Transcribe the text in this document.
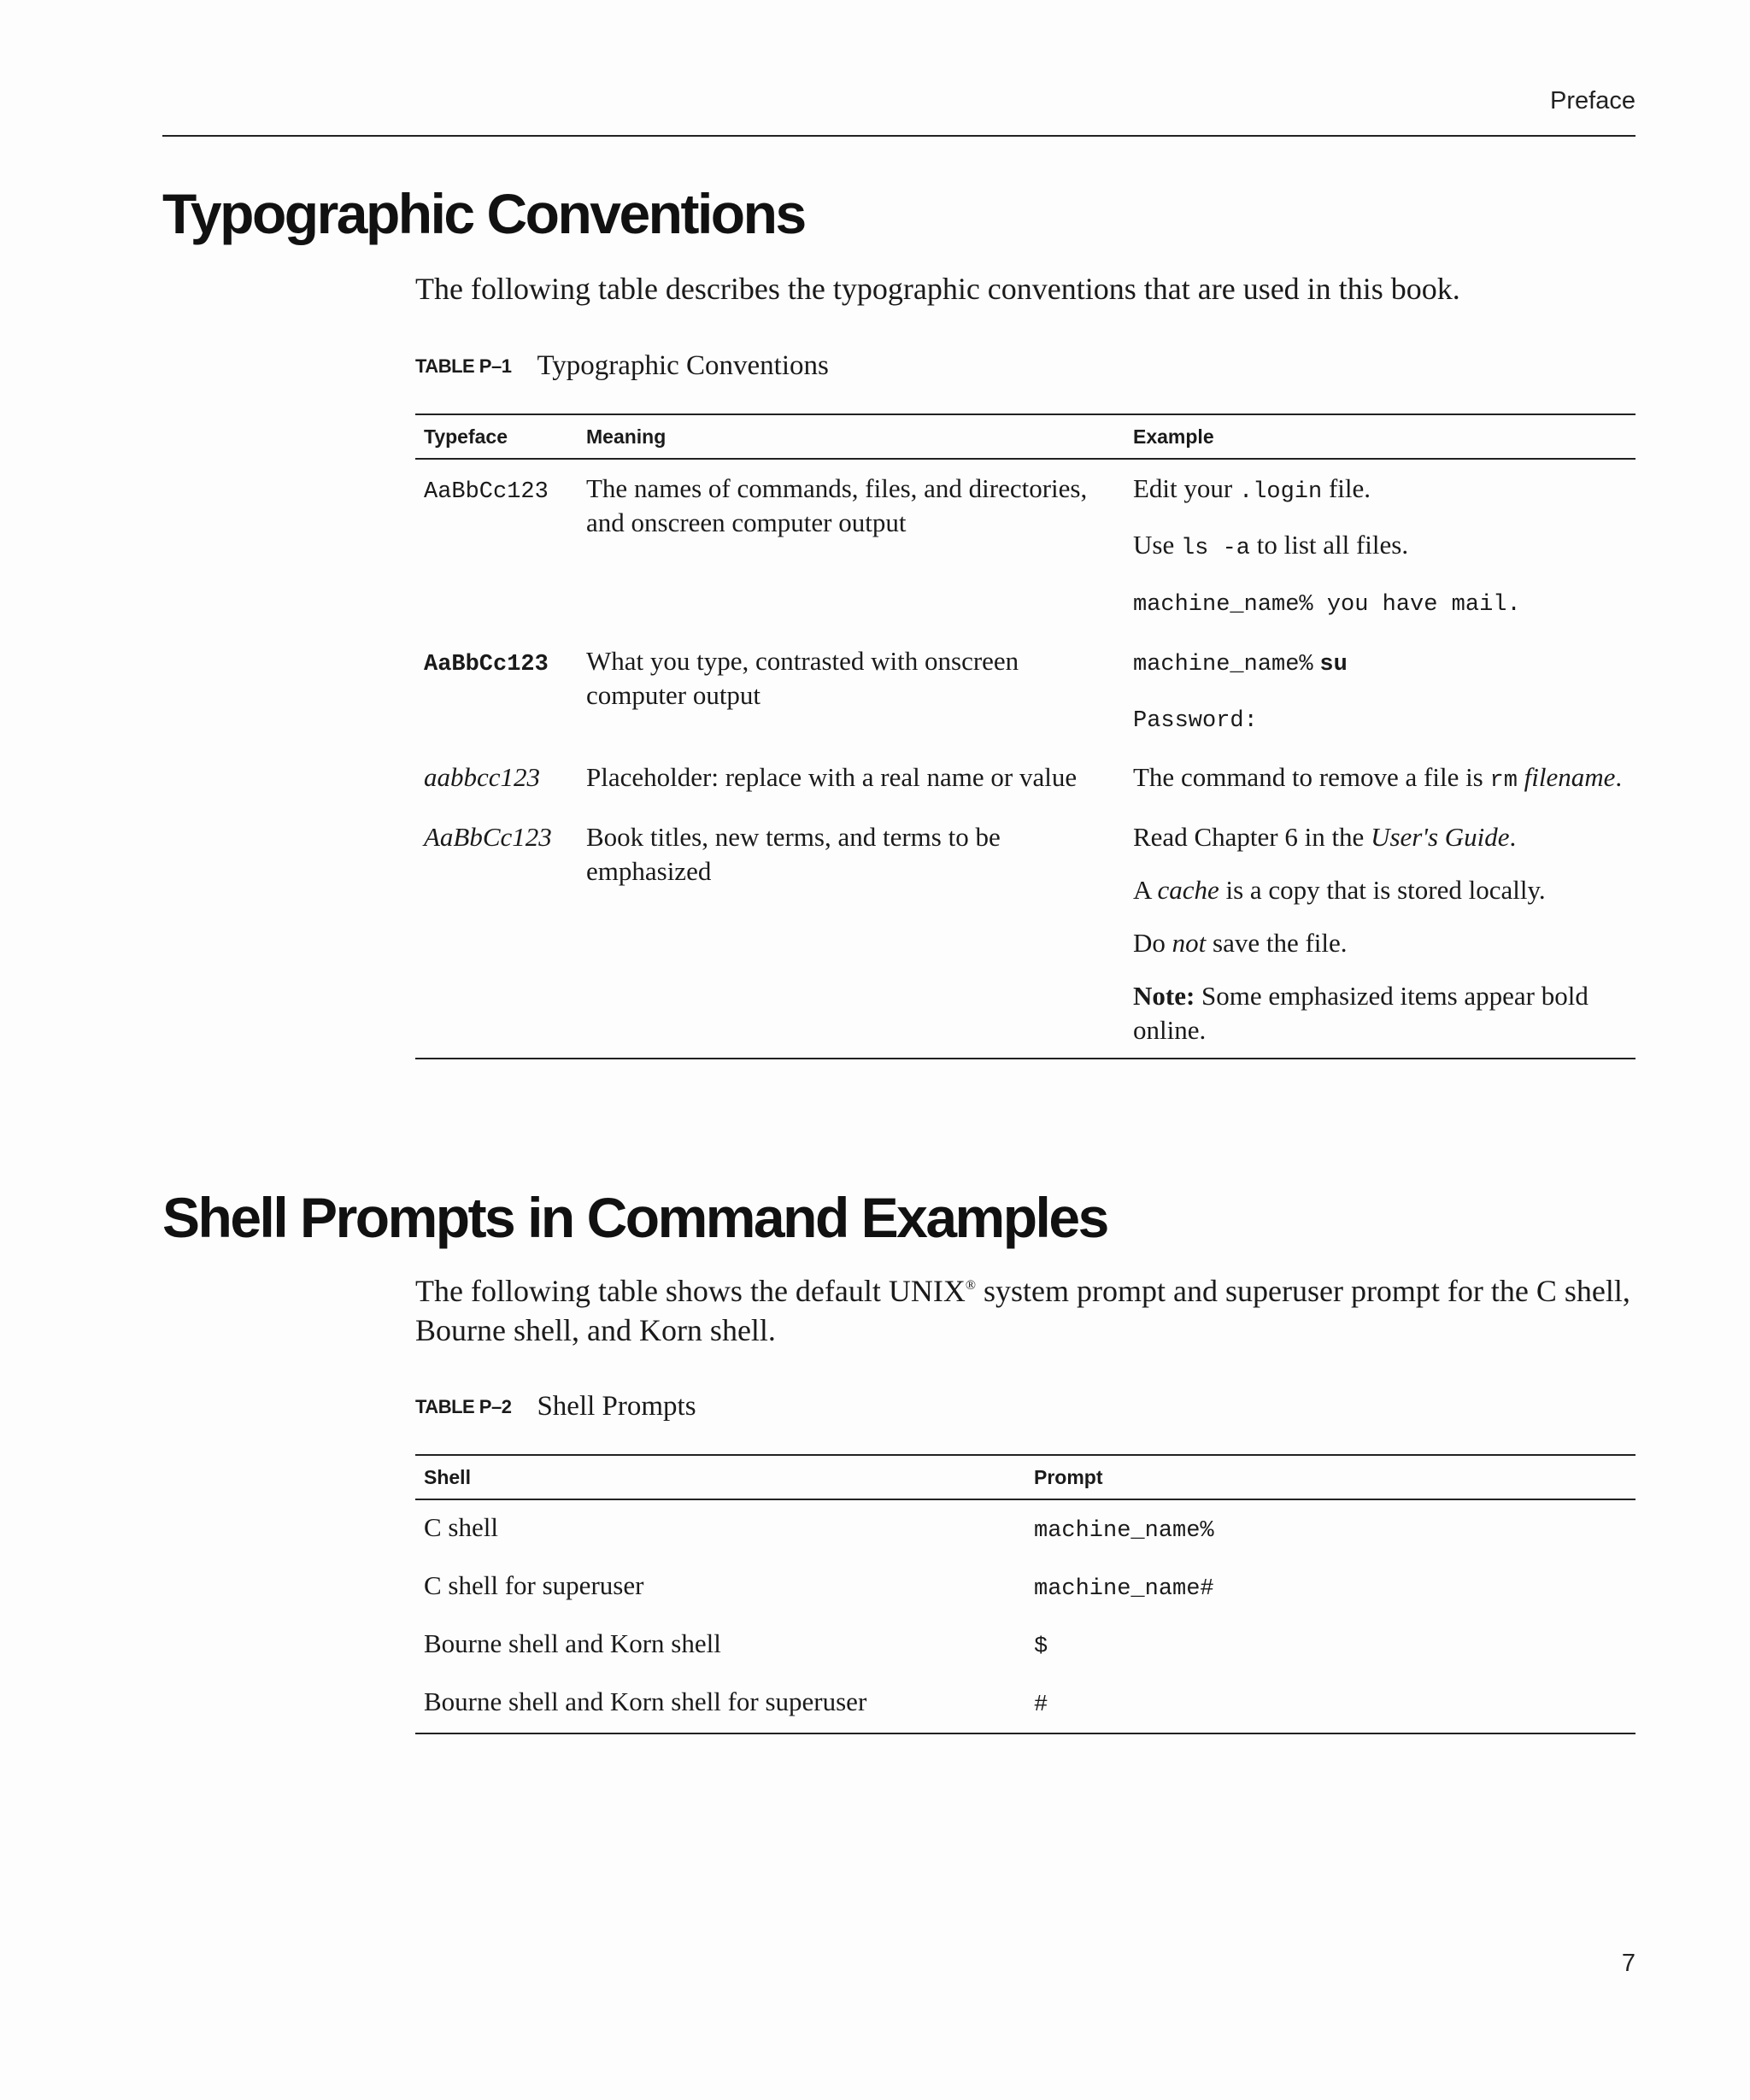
Preface
Typographic Conventions

The following table describes the typographic conventions that are used in this book.

TABLE P–1 Typographic Conventions
Typeface	Meaning	Example
AaBbCc123	The names of commands, files, and directories, and onscreen computer output	Edit your .login file.
Use ls -a to list all files.
machine_name% you have mail.

AaBbCc123	What you type, contrasted with onscreen computer output	machine_name% su
Password:

aabbcc123	Placeholder: replace with a real name or value	The command to remove a file is rm filename.

AaBbCc123	Book titles, new terms, and terms to be emphasized	Read Chapter 6 in the User's Guide.
A cache is a copy that is stored locally.
Do not save the file.
Note: Some emphasized items appear bold online.
Shell Prompts in Command Examples

The following table shows the default UNIX® system prompt and superuser prompt for the C shell, Bourne shell, and Korn shell.

TABLE P–2 Shell Prompts
Shell	Prompt
C shell	machine_name%
C shell for superuser	machine_name#
Bourne shell and Korn shell	$
Bourne shell and Korn shell for superuser	#
7
